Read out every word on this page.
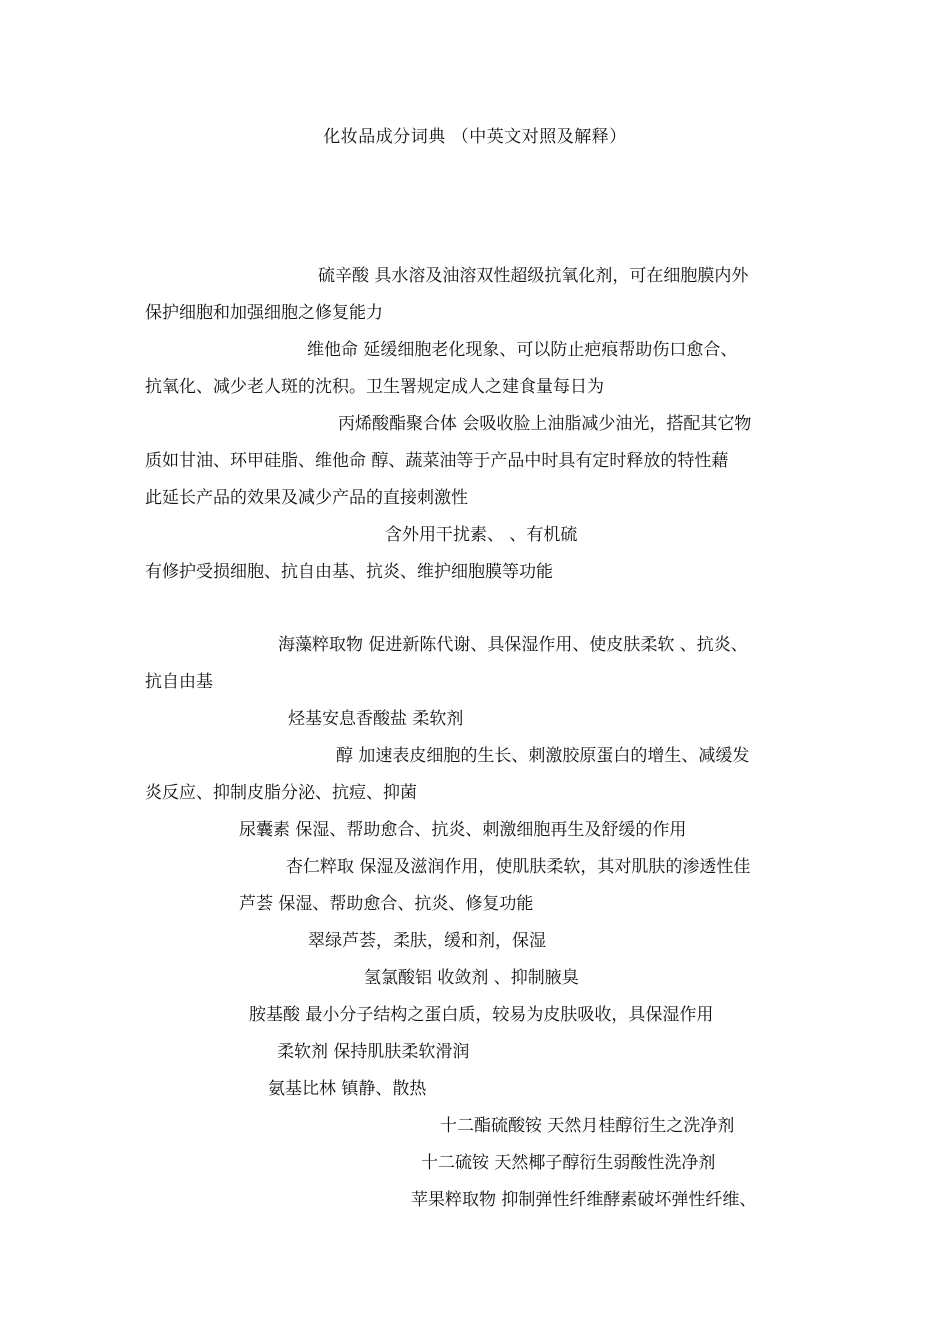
化妆品成分词典 （中英文对照及解释）
硫辛酸 具水溶及油溶双性超级抗氧化剂，可在细胞膜内外
保护细胞和加强细胞之修复能力
维他命 延缓细胞老化现象、可以防止疤痕帮助伤口愈合、
抗氧化、减少老人斑的沈积。卫生署规定成人之建食量每日为
丙烯酸酯聚合体 会吸收脸上油脂减少油光，搭配其它物
质如甘油、环甲硅脂、维他命 醇、蔬菜油等于产品中时具有定时释放的特性藉
此延长产品的效果及减少产品的直接刺激性
含外用干扰素、 、有机硫
有修护受损细胞、抗自由基、抗炎、维护细胞膜等功能
海藻粹取物 促进新陈代谢、具保湿作用、使皮肤柔软 、抗炎、
抗自由基
烃基安息香酸盐 柔软剂
醇 加速表皮细胞的生长、刺激胶原蛋白的增生、减缓发
炎反应、抑制皮脂分泌、抗痘、抑菌
尿囊素 保湿、帮助愈合、抗炎、刺激细胞再生及舒缓的作用
杏仁粹取 保湿及滋润作用，使肌肤柔软，其对肌肤的渗透性佳
芦荟 保湿、帮助愈合、抗炎、修复功能
翠绿芦荟，柔肤，缓和剂，保湿
氢氯酸铝 收敛剂 、抑制腋臭
胺基酸 最小分子结构之蛋白质，较易为皮肤吸收，具保湿作用
柔软剂 保持肌肤柔软滑润
氨基比林 镇静、散热
十二酯硫酸铵 天然月桂醇衍生之洗净剂
十二硫铵 天然椰子醇衍生弱酸性洗净剂
苹果粹取物 抑制弹性纤维酵素破坏弹性纤维、
